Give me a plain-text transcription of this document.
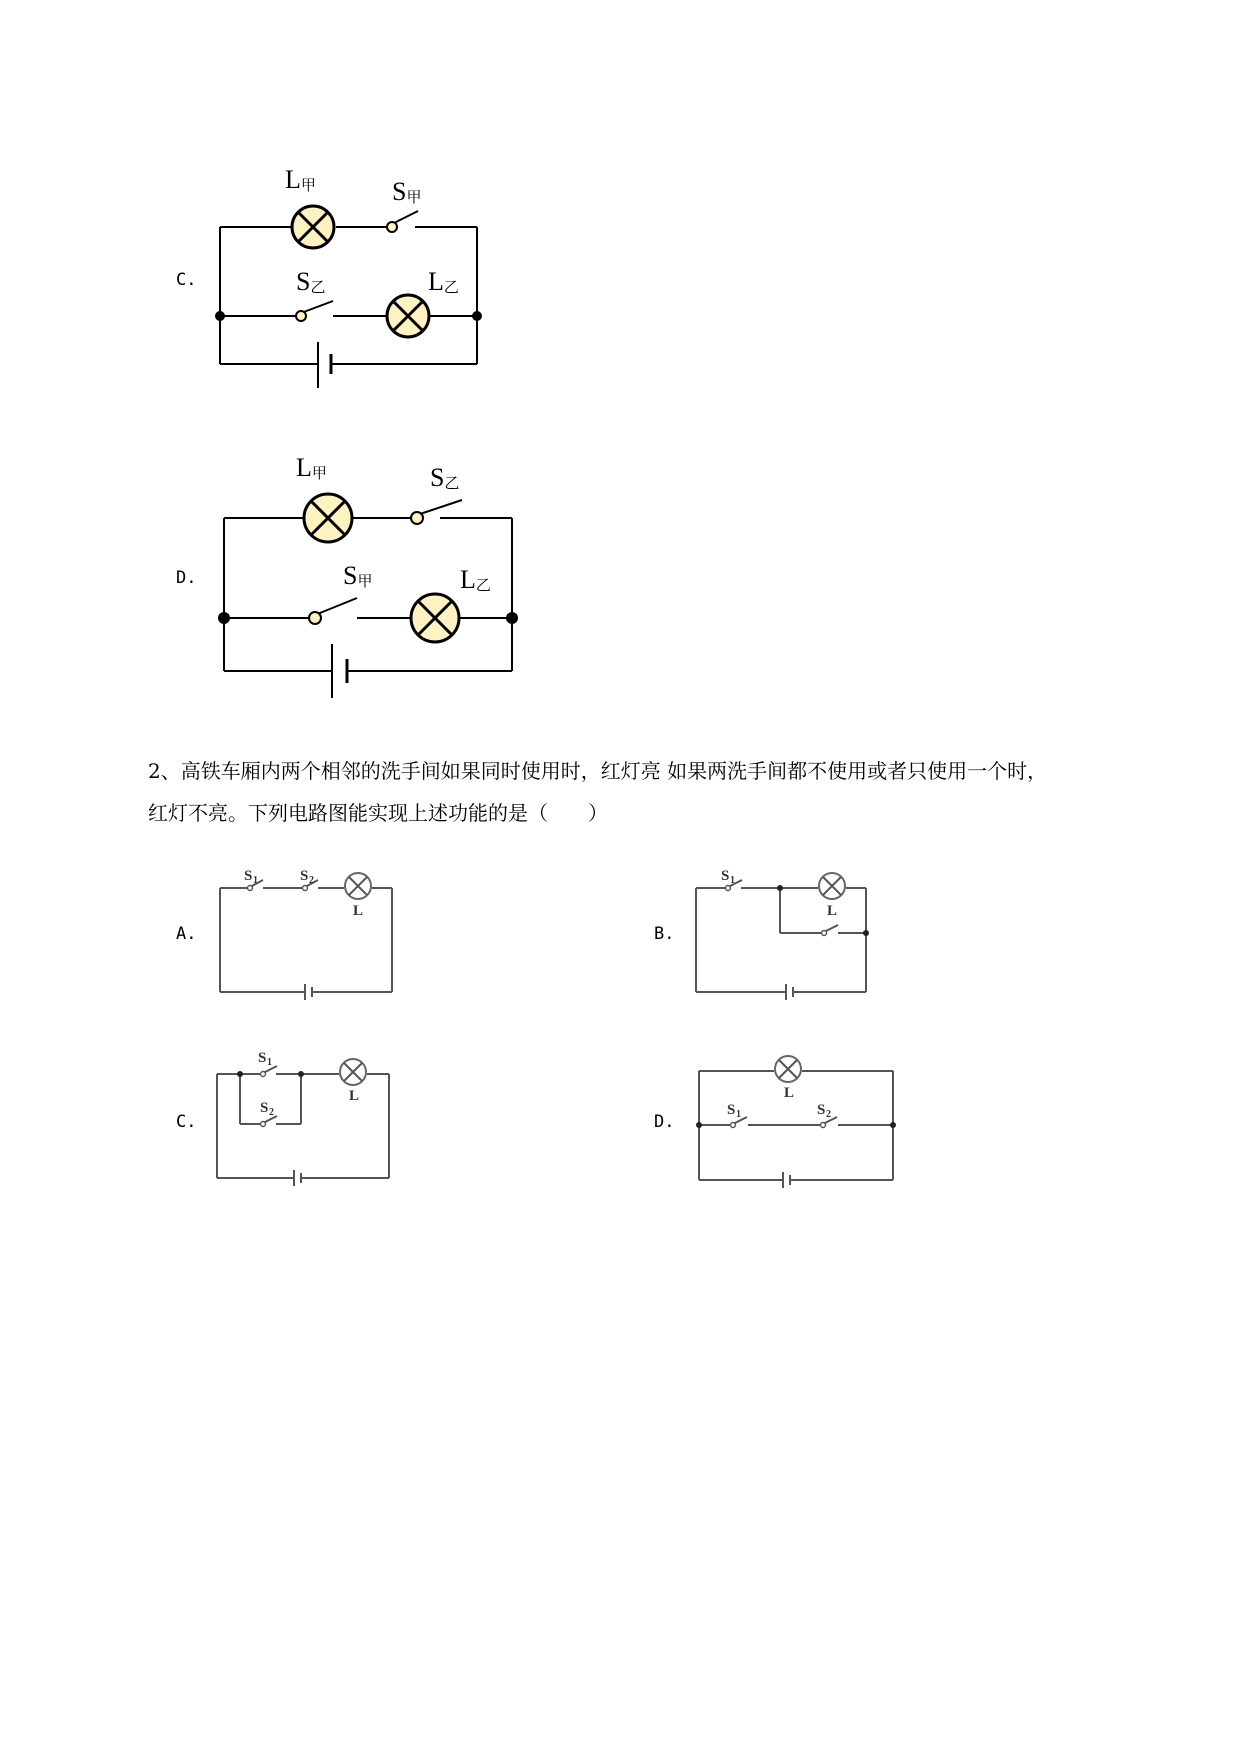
C.
L甲	S甲
S乙	L乙
D.
L甲	S乙
S甲	L乙
2、高铁车厢内两个相邻的洗手间如果同时使用时，红灯亮 如果两洗手间都不使用或者只使用一个时，
红灯不亮。下列电路图能实现上述功能的是（　　）
A.
S 1	S 2
L
B.
S 1
L
C.
S 1
S 2
L
D.
S 1	S 2
L
